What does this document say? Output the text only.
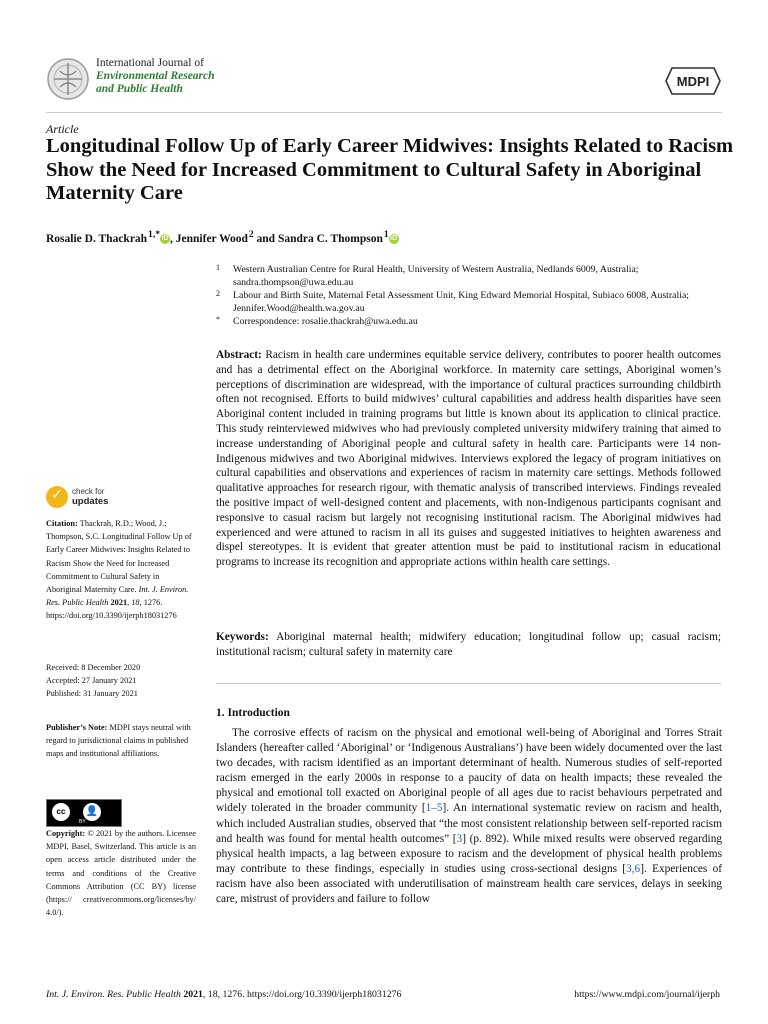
International Journal of
Environmental Research
and Public Health	MDPI
Article
Longitudinal Follow Up of Early Career Midwives: Insights Related to Racism Show the Need for Increased Commitment to Cultural Safety in Aboriginal Maternity Care
Rosalie D. Thackrah $^{1,*}$ iD , Jennifer Wood $^2$ and Sandra C. Thompson $^1$ iD
1 Western Australian Centre for Rural Health, University of Western Australia, Nedlands 6009, Australia; sandra.thompson@uwa.edu.au
2 Labour and Birth Suite, Maternal Fetal Assessment Unit, King Edward Memorial Hospital, Subiaco 6008, Australia; Jennifer.Wood@health.wa.gov.au
* Correspondence: rosalie.thackrah@uwa.edu.au
Abstract: Racism in health care undermines equitable service delivery, contributes to poorer health outcomes and has a detrimental effect on the Aboriginal workforce. In maternity care settings, Aboriginal women’s perceptions of discrimination are widespread, with the importance of cultural practices surrounding childbirth often not recognised. Efforts to build midwives’ cultural capabilities and address health disparities have seen Aboriginal content included in training programs but little is known about its application to clinical practice. This study reinterviewed midwives who had previously completed university midwifery training that aimed to increase understanding of Aboriginal people and cultural safety in health care. Participants were 14 non-Indigenous midwives and two Aboriginal midwives. Interviews explored the legacy of program initiatives on cultural capabilities and observations and experiences of racism in maternity care settings. Methods followed qualitative approaches for research rigour, with thematic analysis of transcribed interviews. Findings revealed the positive impact of well-designed content and placements, with non-Indigenous participants cognisant and responsive to casual racism but largely not recognising institutional racism. The Aboriginal midwives had experienced and were attuned to racism in all its guises and suggested initiatives to heighten awareness and dispel stereotypes. It is evident that greater attention must be paid to institutional racism in educational programs to increase its recognition and appropriate actions within health care settings.
Keywords: Aboriginal maternal health; midwifery education; longitudinal follow up; casual racism; institutional racism; cultural safety in maternity care
1. Introduction

The corrosive effects of racism on the physical and emotional well-being of Aboriginal and Torres Strait Islanders (hereafter called ‘Aboriginal’ or ‘Indigenous Australians’) have been widely documented over the last two decades, with racism identified as an important determinant of health. Numerous studies of self-reported racism emerged in the early 2000s in response to a paucity of data on health impacts; these revealed the physical and emotional toll exacted on Aboriginal people of all ages due to racist behaviours perpetrated and widely tolerated in the broader community [1–5]. An international systematic review on racism and health, which included Australian studies, observed that “the most consistent relationship between self-reported racism and health was found for mental health outcomes” [3] (p. 892). While mixed results were observed regarding physical health impacts, a lag between exposure to racism and the development of physical health problems may contribute to these findings, especially in studies using cross-sectional designs [3,6]. Experiences of racism have also been associated with underutilisation of mainstream health care services, delays in seeking care, mistrust of providers and failure to follow

✓	check for
updates
Citation: Thackrah, R.D.; Wood, J.; Thompson, S.C. Longitudinal Follow Up of Early Career Midwives: Insights Related to Racism Show the Need for Increased Commitment to Cultural Safety in Aboriginal Maternity Care. Int. J. Environ. Res. Public Health 2021, 18, 1276. https://doi.org/10.3390/ijerph18031276
Received: 8 December 2020
Accepted: 27 January 2021
Published: 31 January 2021
Publisher’s Note: MDPI stays neutral with regard to jurisdictional claims in published maps and institutional affiliations.
cc	👤
BY
Copyright: © 2021 by the authors. Licensee MDPI, Basel, Switzerland. This article is an open access article distributed under the terms and conditions of the Creative Commons Attribution (CC BY) license (https:// creativecommons.org/licenses/by/ 4.0/).
Int. J. Environ. Res. Public Health 2021, 18, 1276. https://doi.org/10.3390/ijerph18031276	https://www.mdpi.com/journal/ijerph
